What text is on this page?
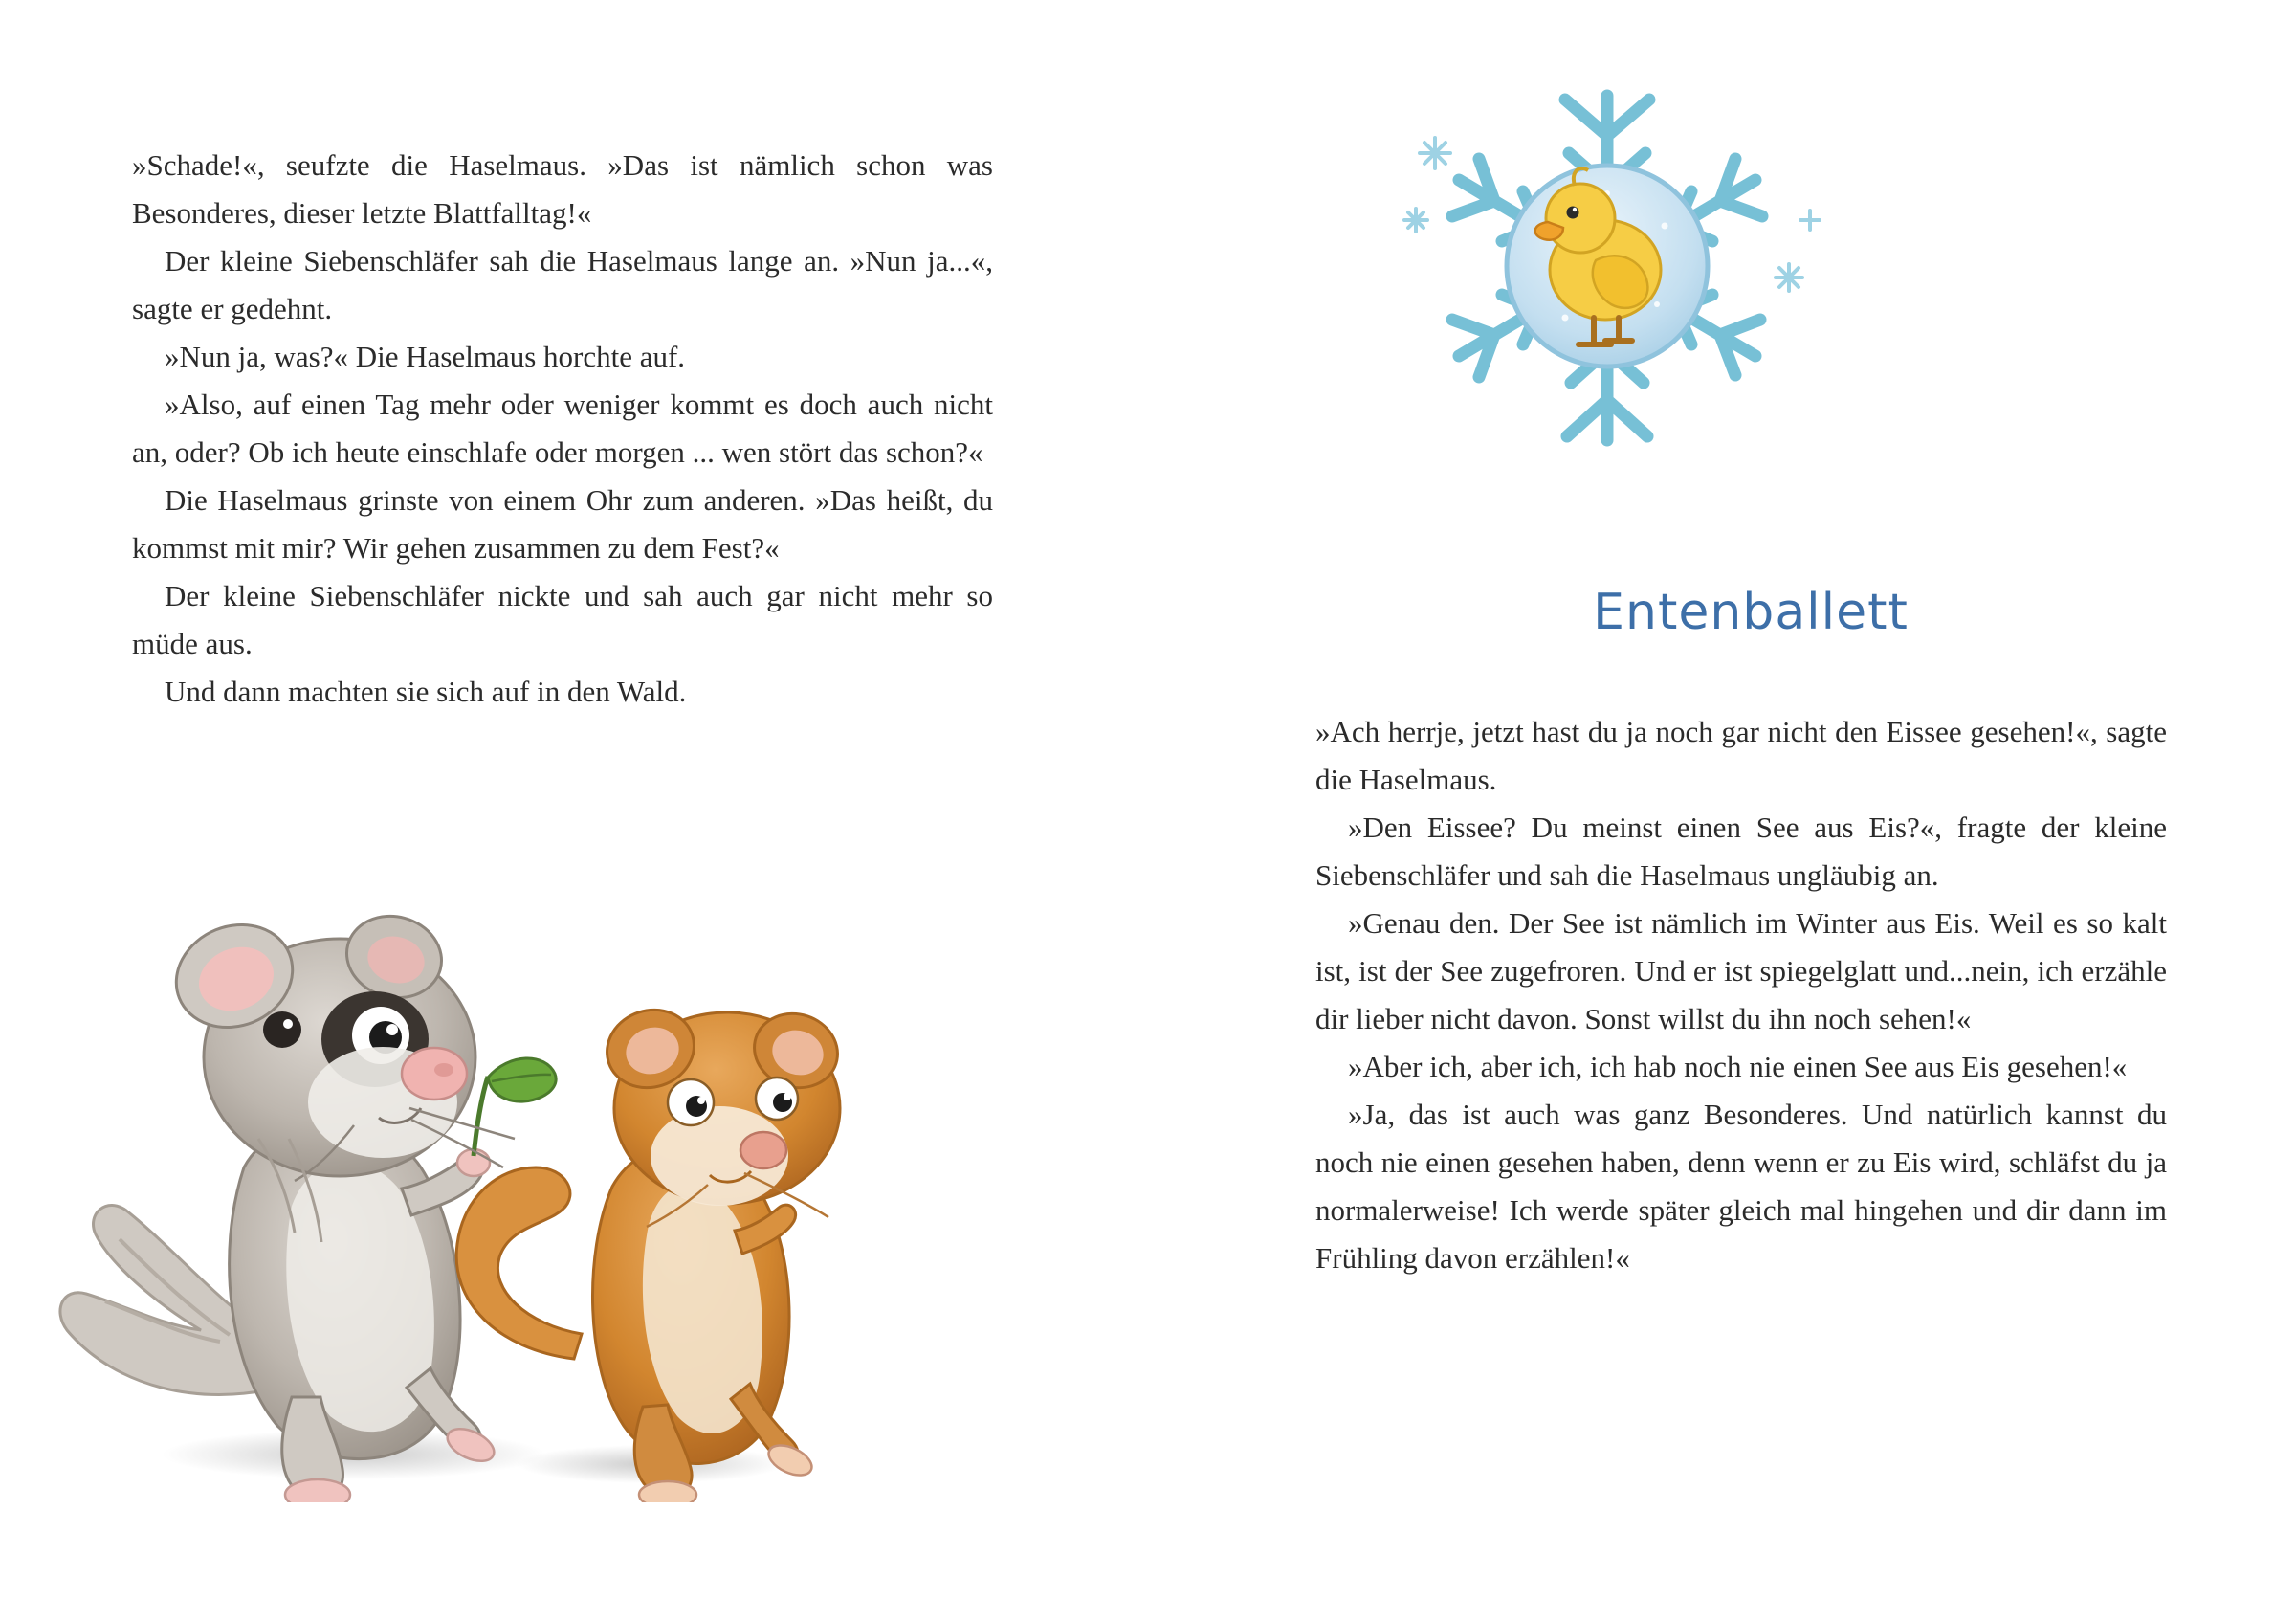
»Schade!«, seufzte die Haselmaus. »Das ist nämlich schon was Besonderes, dieser letzte Blattfalltag!«

Der kleine Siebenschläfer sah die Haselmaus lange an. »Nun ja...«, sagte er gedehnt.

»Nun ja, was?« Die Haselmaus horchte auf.

»Also, auf einen Tag mehr oder weniger kommt es doch auch nicht an, oder? Ob ich heute einschlafe oder morgen ... wen stört das schon?«

Die Haselmaus grinste von einem Ohr zum anderen. »Das heißt, du kommst mit mir? Wir gehen zusammen zu dem Fest?«

Der kleine Siebenschläfer nickte und sah auch gar nicht mehr so müde aus.

Und dann machten sie sich auf in den Wald.

Entenballett

»Ach herrje, jetzt hast du ja noch gar nicht den Eissee gesehen!«, sagte die Haselmaus.

»Den Eissee? Du meinst einen See aus Eis?«, fragte der kleine Siebenschläfer und sah die Haselmaus ungläubig an.

»Genau den. Der See ist nämlich im Winter aus Eis. Weil es so kalt ist, ist der See zugefroren. Und er ist spiegelglatt und...nein, ich erzähle dir lieber nicht davon. Sonst willst du ihn noch sehen!«

»Aber ich, aber ich, ich hab noch nie einen See aus Eis gesehen!«

»Ja, das ist auch was ganz Besonderes. Und natürlich kannst du noch nie einen gesehen haben, denn wenn er zu Eis wird, schläfst du ja normalerweise! Ich werde später gleich mal hingehen und dir dann im Frühling davon erzählen!«
